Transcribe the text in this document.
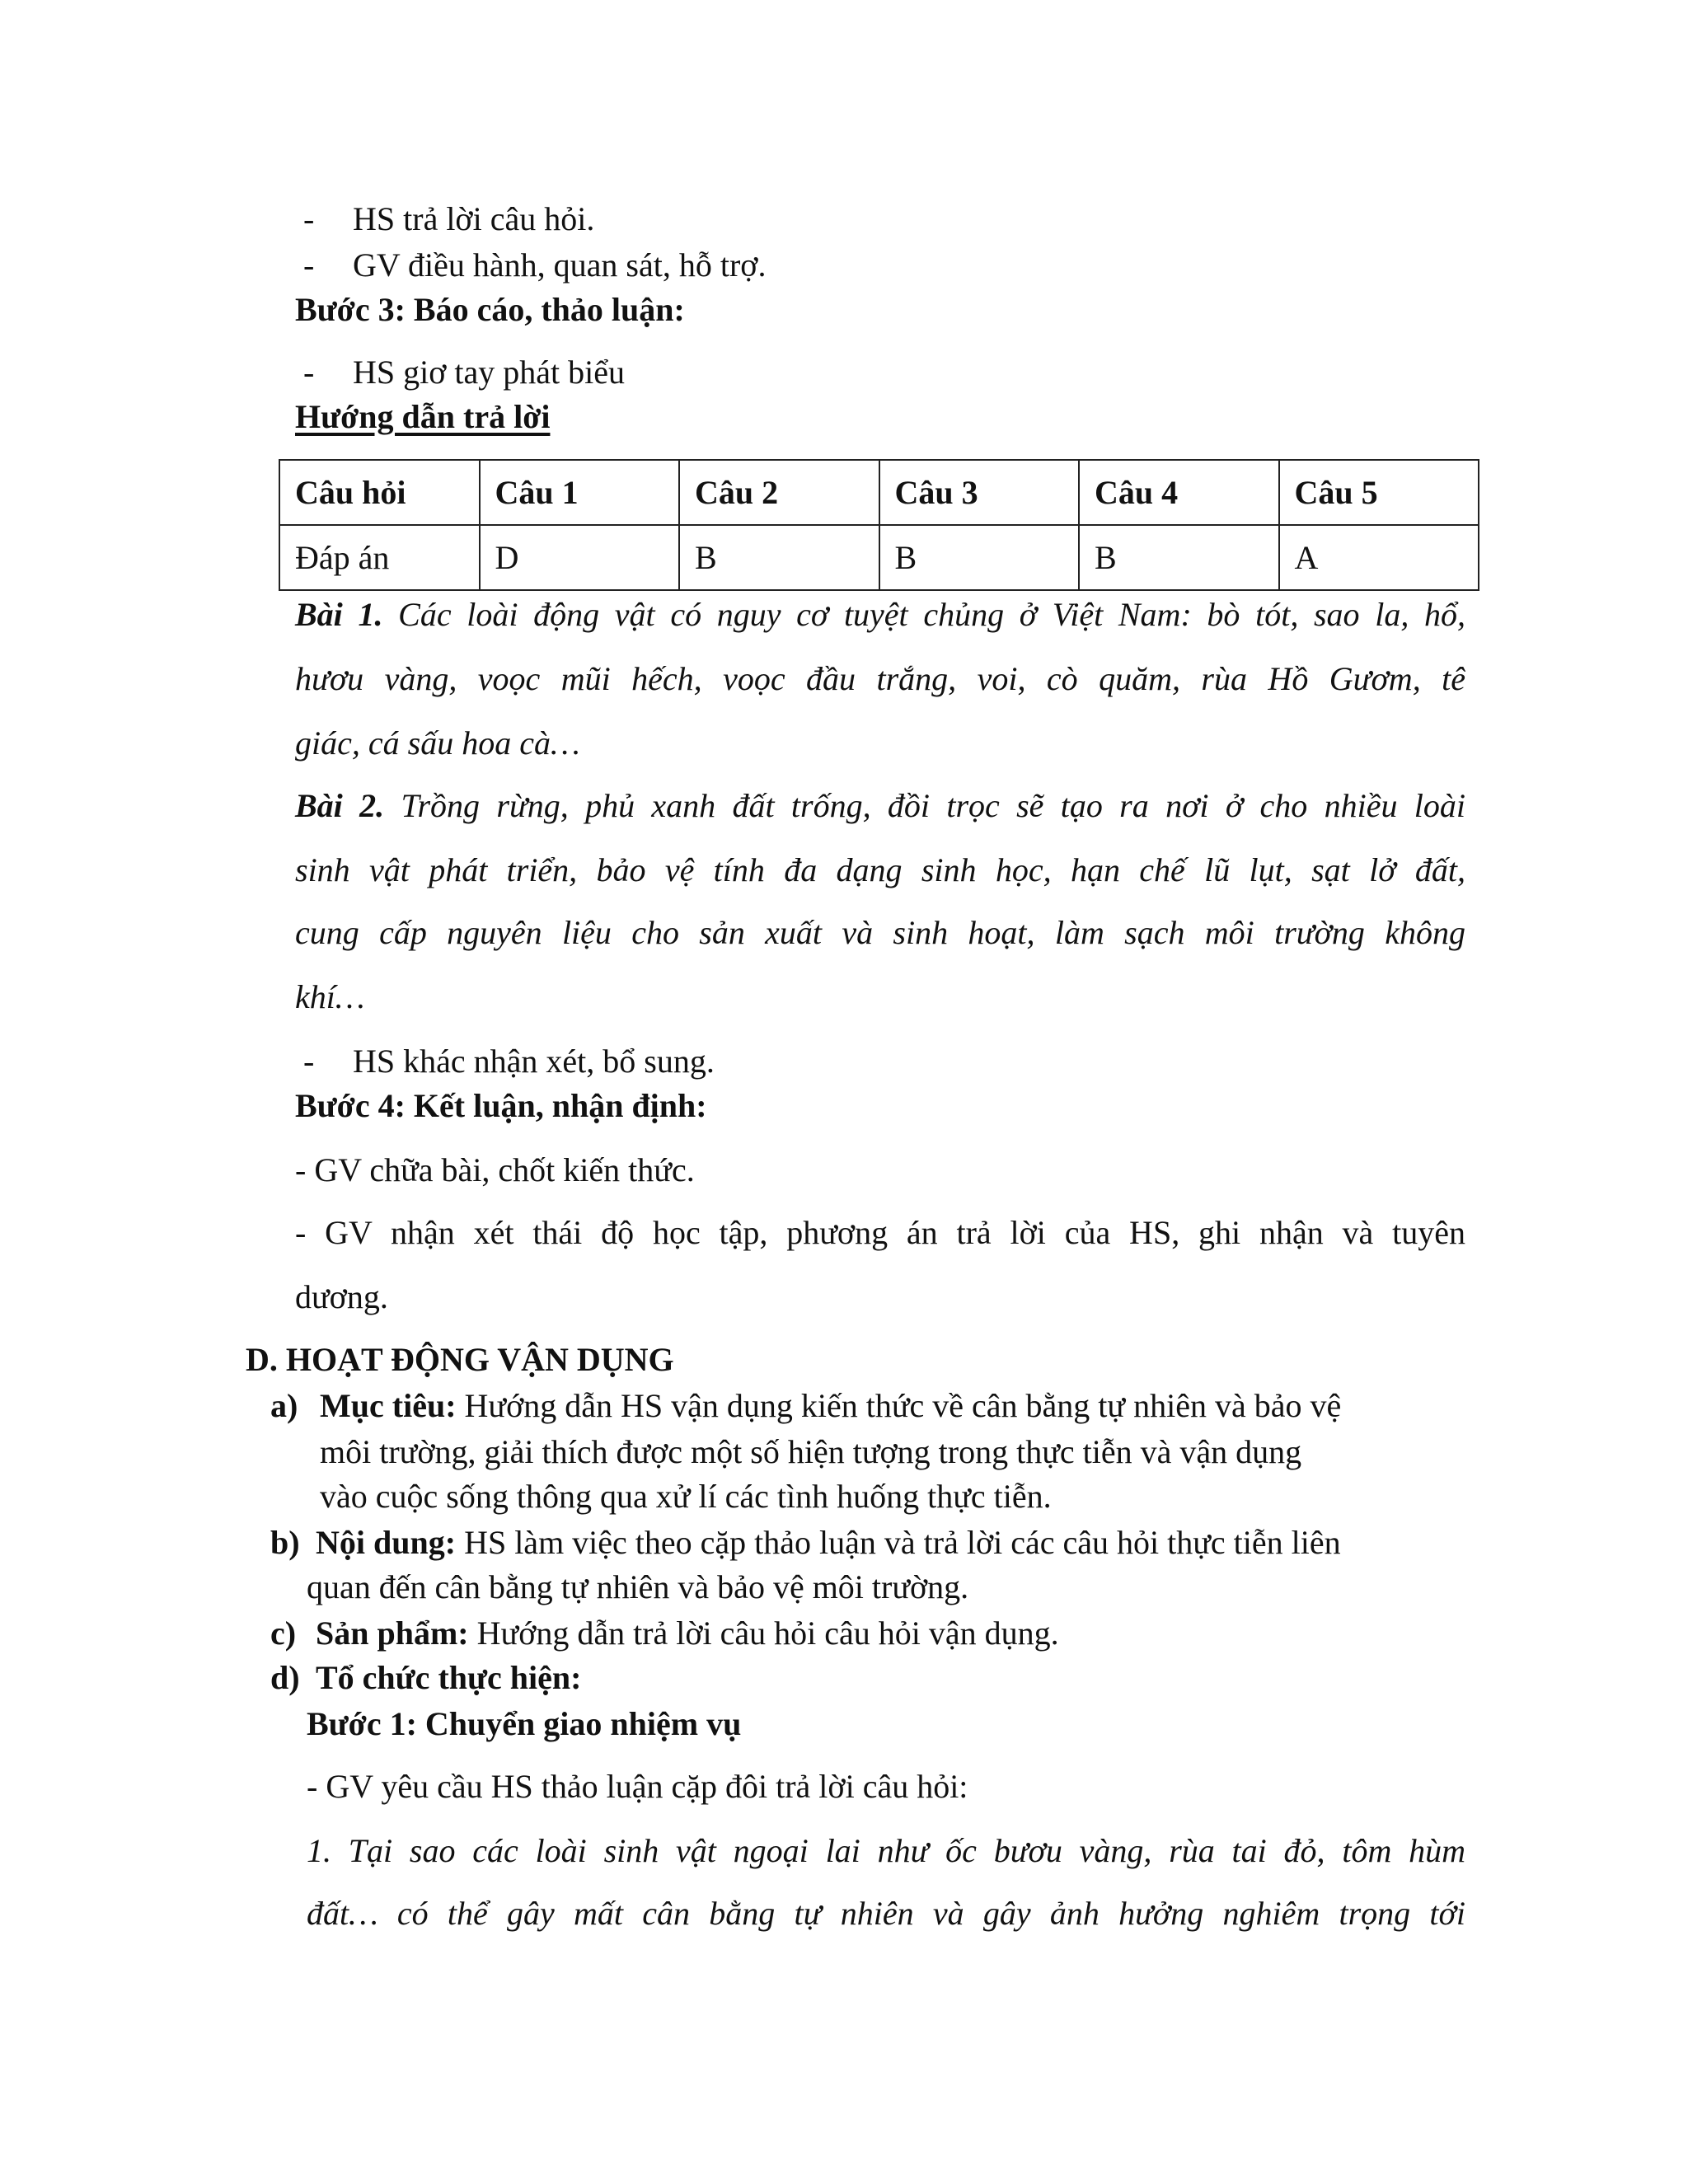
- HS trả lời câu hỏi.
- GV điều hành, quan sát, hỗ trợ.
Bước 3: Báo cáo, thảo luận:
- HS giơ tay phát biểu
Hướng dẫn trả lời
Câu hỏi	Câu 1	Câu 2	Câu 3	Câu 4	Câu 5
Đáp án	D	B	B	B	A
Bài 1. Các loài động vật có nguy cơ tuyệt chủng ở Việt Nam: bò tót, sao la, hổ,
hươu vàng, voọc mũi hếch, voọc đầu trắng, voi, cò quăm, rùa Hồ Gươm, tê
giác, cá sấu hoa cà…
Bài 2. Trồng rừng, phủ xanh đất trống, đồi trọc sẽ tạo ra nơi ở cho nhiều loài
sinh vật phát triển, bảo vệ tính đa dạng sinh học, hạn chế lũ lụt, sạt lở đất,
cung cấp nguyên liệu cho sản xuất và sinh hoạt, làm sạch môi trường không
khí…
- HS khác nhận xét, bổ sung.
Bước 4: Kết luận, nhận định:
- GV chữa bài, chốt kiến thức.
- GV nhận xét thái độ học tập, phương án trả lời của HS, ghi nhận và tuyên
dương.
D. HOẠT ĐỘNG VẬN DỤNG
a) Mục tiêu: Hướng dẫn HS vận dụng kiến thức về cân bằng tự nhiên và bảo vệ
môi trường, giải thích được một số hiện tượng trong thực tiễn và vận dụng
vào cuộc sống thông qua xử lí các tình huống thực tiễn.
b) Nội dung: HS làm việc theo cặp thảo luận và trả lời các câu hỏi thực tiễn liên
quan đến cân bằng tự nhiên và bảo vệ môi trường.
c) Sản phẩm: Hướng dẫn trả lời câu hỏi câu hỏi vận dụng.
d) Tổ chức thực hiện:
Bước 1: Chuyển giao nhiệm vụ
- GV yêu cầu HS thảo luận cặp đôi trả lời câu hỏi:
1. Tại sao các loài sinh vật ngoại lai như ốc bươu vàng, rùa tai đỏ, tôm hùm
đất… có thể gây mất cân bằng tự nhiên và gây ảnh hưởng nghiêm trọng tới
